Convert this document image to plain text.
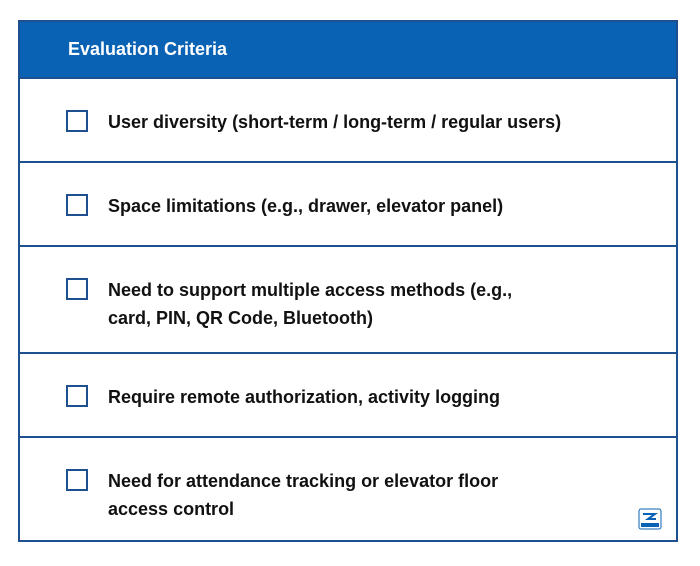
Evaluation Criteria
User diversity (short-term / long-term / regular users)
Space limitations (e.g., drawer, elevator panel)
Need to support multiple access methods (e.g., card, PIN, QR Code, Bluetooth)
Require remote authorization, activity logging
Need for attendance tracking or elevator floor access control
